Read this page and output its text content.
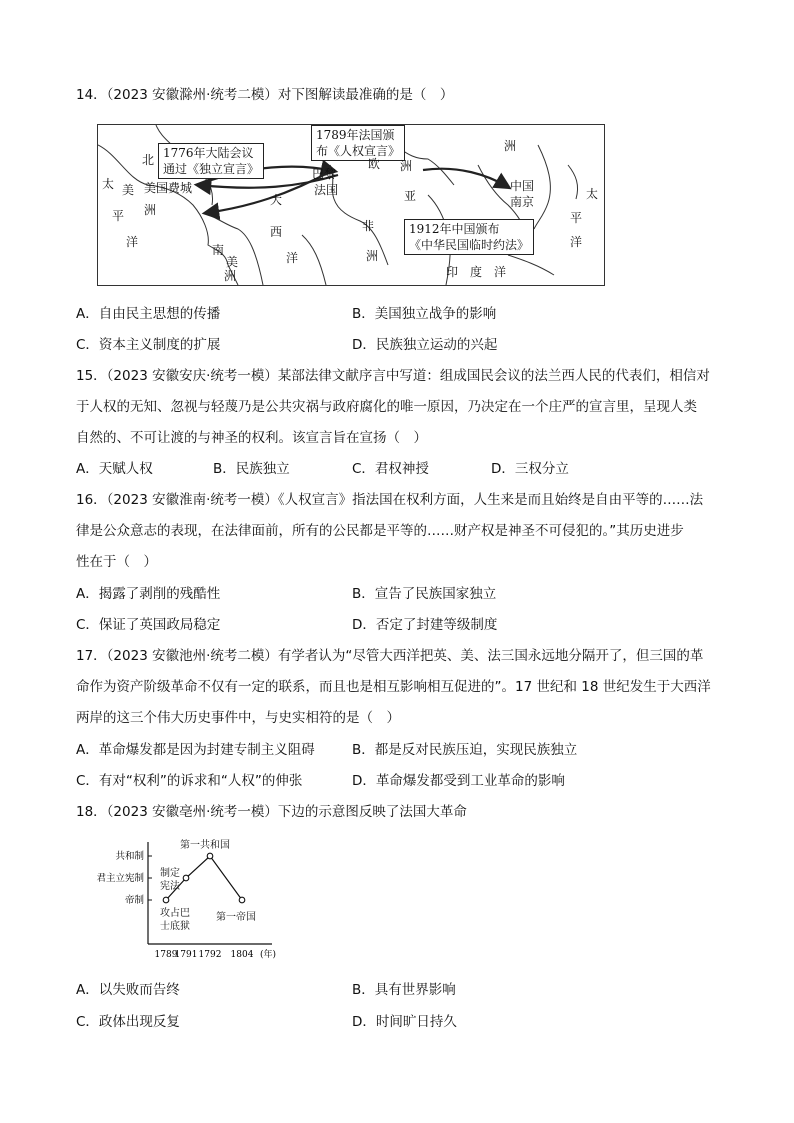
14．（2023 安徽滁州·统考二模）对下图解读最准确的是（　）
1776年大陆会议
通过《独立宣言》
1789年法国颁
布《人权宣言》
1912年中国颁布
《中华民国临时约法》
北
太 美
平 洲
洋
美国费城
巴黎
法国
欧 洲
亚
非
洲
大
西
洋
南
美
洲
中国
南京
太
平
洋
印　度　洋
洲
A．自由民主思想的传播	B．美国独立战争的影响
C．资本主义制度的扩展	D．民族独立运动的兴起
15．（2023 安徽安庆·统考一模）某部法律文献序言中写道：组成国民会议的法兰西人民的代表们，相信对
于人权的无知、忽视与轻蔑乃是公共灾祸与政府腐化的唯一原因，乃决定在一个庄严的宣言里，呈现人类
自然的、不可让渡的与神圣的权利。该宣言旨在宣扬（　）
A．天赋人权	B．民族独立	C．君权神授	D．三权分立
16．（2023 安徽淮南·统考一模）《人权宣言》指法国在权利方面，人生来是而且始终是自由平等的……法
律是公众意志的表现，在法律面前，所有的公民都是平等的……财产权是神圣不可侵犯的。”其历史进步
性在于（　）
A．揭露了剥削的残酷性	B．宣告了民族国家独立
C．保证了英国政局稳定	D．否定了封建等级制度
17．（2023 安徽池州·统考二模）有学者认为“尽管大西洋把英、美、法三国永远地分隔开了，但三国的革
命作为资产阶级革命不仅有一定的联系，而且也是相互影响相互促进的”。17 世纪和 18 世纪发生于大西洋
两岸的这三个伟大历史事件中，与史实相符的是（　）
A．革命爆发都是因为封建专制主义阻碍	B．都是反对民族压迫，实现民族独立
C．有对“权利”的诉求和“人权”的伸张	D．革命爆发都受到工业革命的影响
18．（2023 安徽亳州·统考一模）下边的示意图反映了法国大革命
帝制
君主立宪制
共和制
1789
1791 1792 1804 (年)
第一共和国
制定
宪法
攻占巴
士底狱
第一帝国
A．以失败而告终	B．具有世界影响
C．政体出现反复	D．时间旷日持久
